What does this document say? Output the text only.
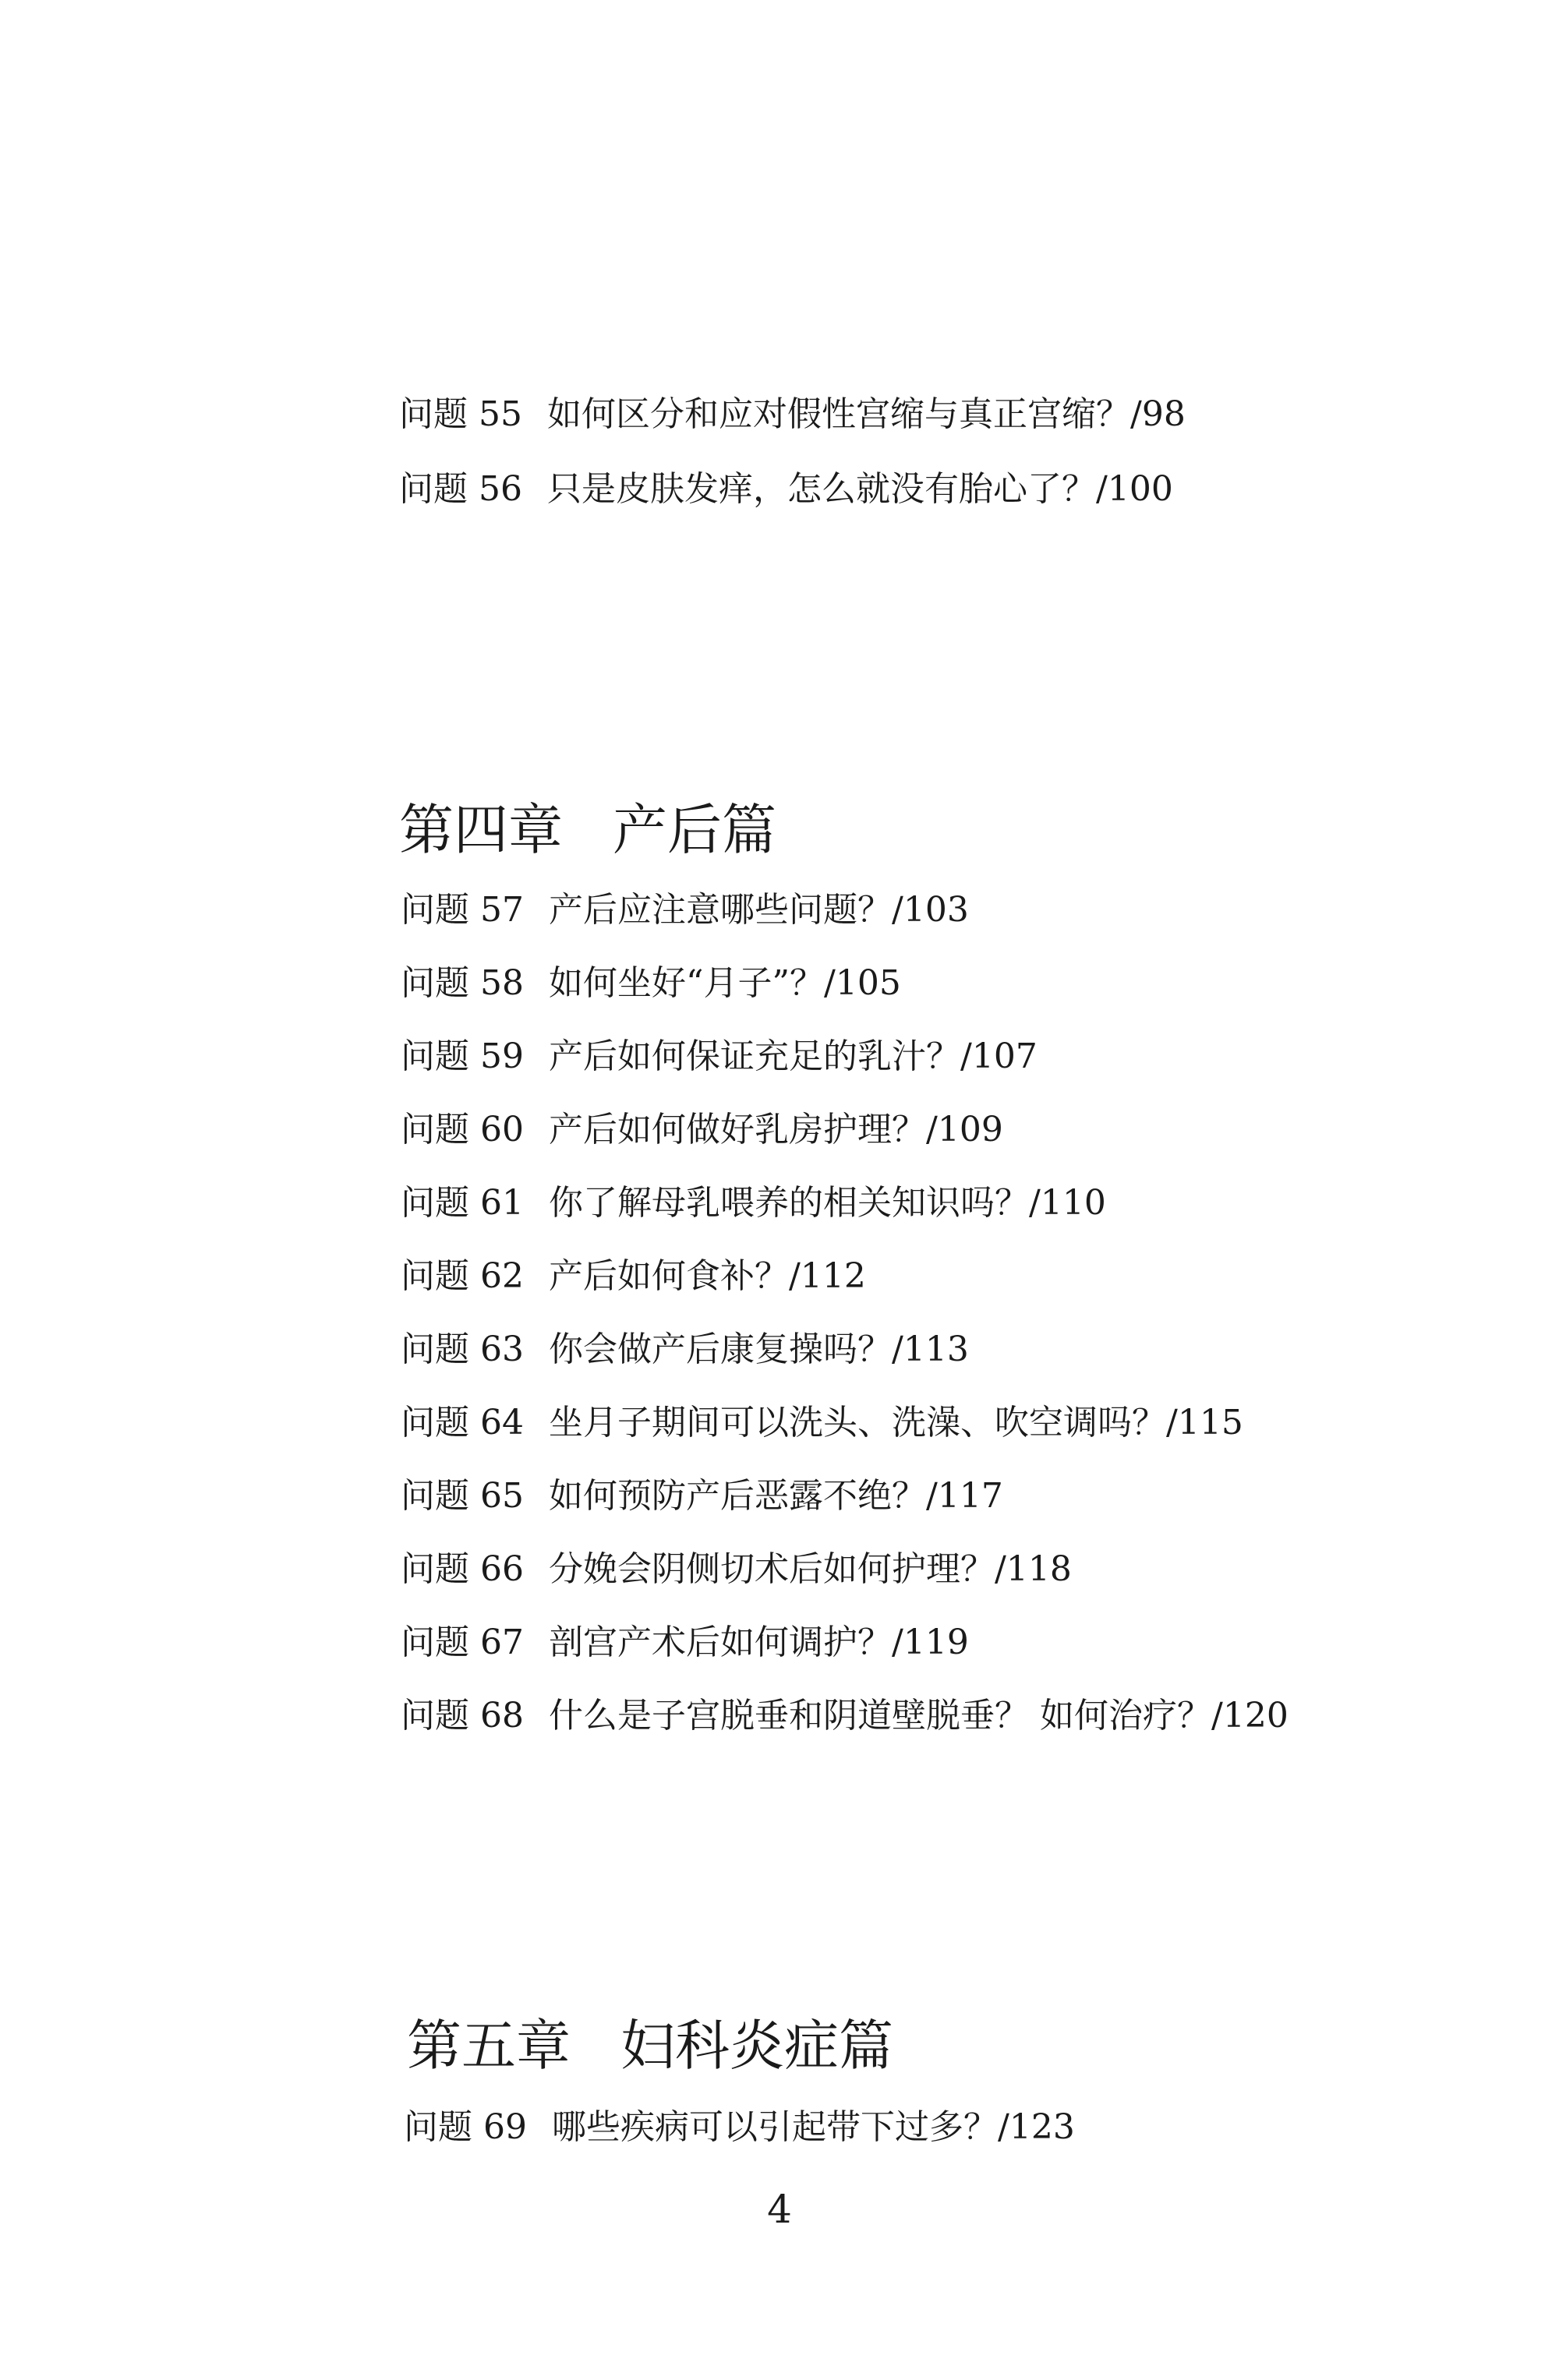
问题 55 如何区分和应对假性宫缩与真正宫缩？/98
问题 56 只是皮肤发痒，怎么就没有胎心了？/100
第四章 产后篇
问题 57 产后应注意哪些问题？/103
问题 58 如何坐好“月子”？/105
问题 59 产后如何保证充足的乳汁？/107
问题 60 产后如何做好乳房护理？/109
问题 61 你了解母乳喂养的相关知识吗？/110
问题 62 产后如何食补？/112
问题 63 你会做产后康复操吗？/113
问题 64 坐月子期间可以洗头、洗澡、吹空调吗？/115
问题 65 如何预防产后恶露不绝？/117
问题 66 分娩会阴侧切术后如何护理？/118
问题 67 剖宫产术后如何调护？/119
问题 68 什么是子宫脱垂和阴道壁脱垂？ 如何治疗？/120
第五章 妇科炎症篇
问题 69 哪些疾病可以引起带下过多？/123
4
